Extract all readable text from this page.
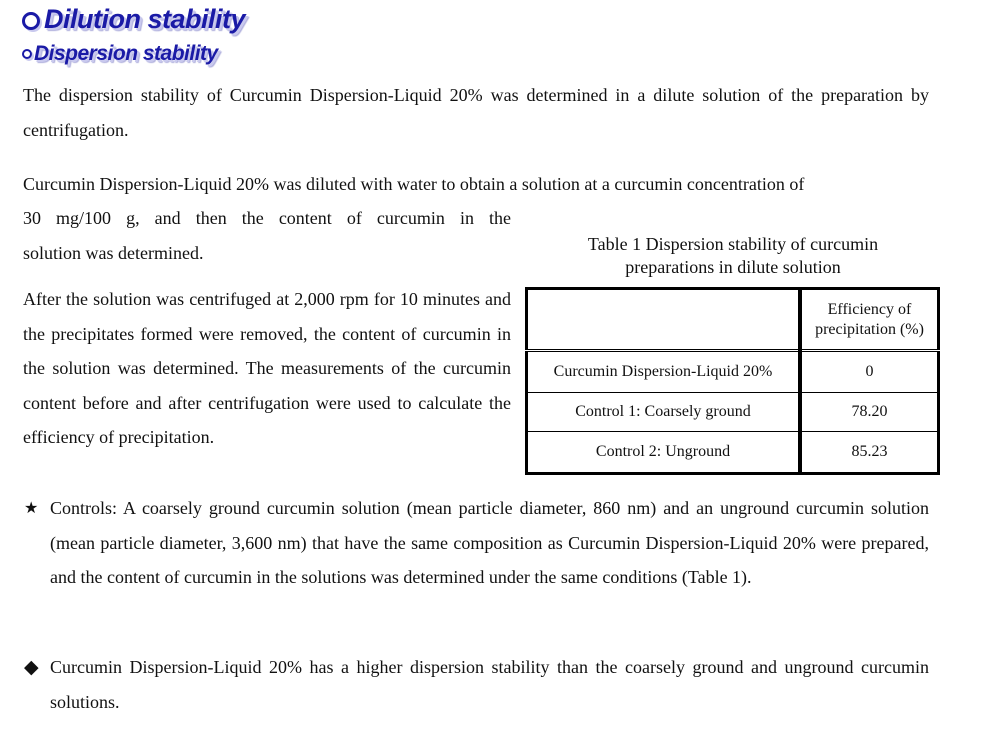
Dilution stability
Dispersion stability

The dispersion stability of Curcumin Dispersion-Liquid 20% was determined in a dilute solution of the preparation by centrifugation.

Curcumin Dispersion-Liquid 20% was diluted with water to obtain a solution at a curcumin concentration of

30 mg/100 g, and then the content of curcumin in the

solution was determined.

After the solution was centrifuged at 2,000 rpm for 10 minutes and the precipitates formed were removed, the content of curcumin in the solution was determined. The measurements of the curcumin content before and after centrifugation were used to calculate the efficiency of precipitation.

Table 1 Dispersion stability of curcumin
preparations in dilute solution

	Efficiency of
precipitation (%)

Curcumin Dispersion-Liquid 20%	0
Control 1: Coarsely ground	78.20
Control 2: Unground	85.23
★ Controls: A coarsely ground curcumin solution (mean particle diameter, 860 nm) and an unground curcumin solution (mean particle diameter, 3,600 nm) that have the same composition as Curcumin Dispersion-Liquid 20% were prepared, and the content of curcumin in the solutions was determined under the same conditions (Table 1).

◆ Curcumin Dispersion-Liquid 20% has a higher dispersion stability than the coarsely ground and unground curcumin solutions.
